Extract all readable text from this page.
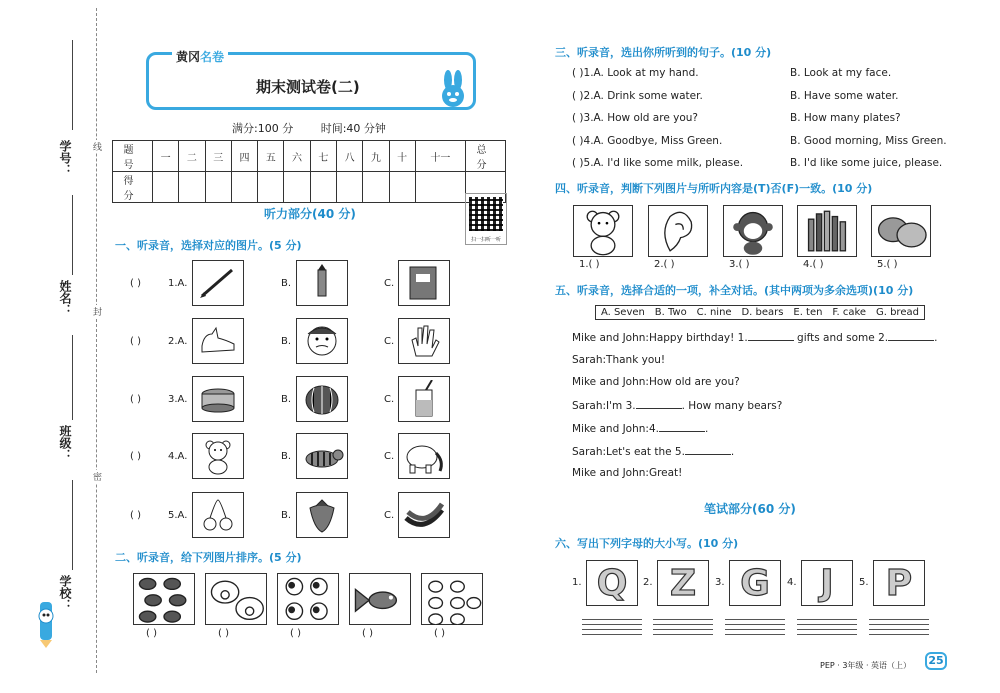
学号：
姓名：
班级：
学校：
线
封
密
黄冈名卷
期末测试卷(二)
满分:100 分	时间:40 分钟
题 号	一	二	三	四	五	六	七	八	九	十	十一	总 分
得 分												
扫一扫听一听
听力部分(40 分)
一、听录音，选择对应的图片。(5 分)
( )	1.A.	B.	C.
( )	2.A.	B.	C.
( )	3.A.	B.	C.
( )	4.A.	B.	C.
( )	5.A.	B.	C.
二、听录音，给下列图片排序。(5 分)
( )	( )	( )	( )	( )
三、听录音，选出你所听到的句子。(10 分)
( )1.A. Look at my hand.	B. Look at my face.
( )2.A. Drink some water.	B. Have some water.
( )3.A. How old are you?	B. How many plates?
( )4.A. Goodbye, Miss Green.	B. Good morning, Miss Green.
( )5.A. I'd like some milk, please.	B. I'd like some juice, please.
四、听录音，判断下列图片与所听内容是(T)否(F)一致。(10 分)
1.( )	2.( )	3.( )	4.( )	5.( )
五、听录音，选择合适的一项，补全对话。(其中两项为多余选项)(10 分)
A. Seven B. Two C. nine D. bears E. ten F. cake G. bread
Mike and John:Happy birthday! 1.	gifts and some 2.	.
Sarah:Thank you!
Mike and John:How old are you?
Sarah:I'm 3.	. How many bears?
Mike and John:4.	.
Sarah:Let's eat the 5.	.
Mike and John:Great!
笔试部分(60 分)
六、写出下列字母的大小写。(10 分)
1. Q 2. Z 3. G 4. J	5. P
PEP · 3年级 · 英语（上）	25
